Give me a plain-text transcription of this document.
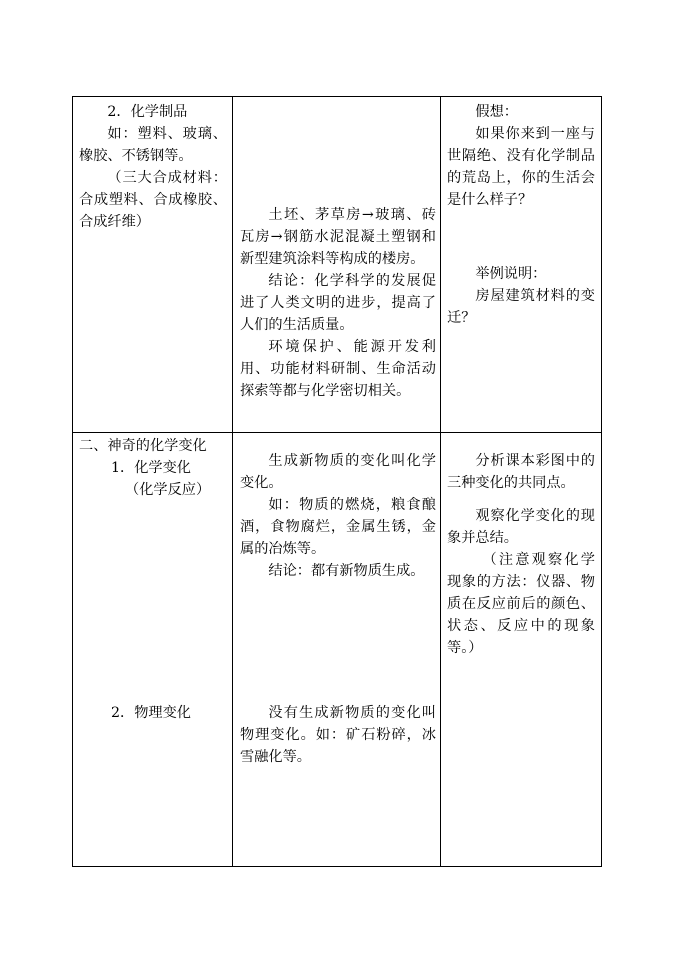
2．化学制品

如：塑料、玻璃、橡胶、不锈钢等。

（三大合成材料：合成塑料、合成橡胶、合成纤维）	土坯、茅草房→玻璃、砖瓦房→钢筋水泥混凝土塑钢和新型建筑涂料等构成的楼房。

结论：化学科学的发展促进了人类文明的进步，提高了人们的生活质量。

环境保护、能源开发利用、功能材料研制、生命活动探索等都与化学密切相关。

假想：

如果你来到一座与世隔绝、没有化学制品的荒岛上，你的生活会是什么样子？

举例说明：

房屋建筑材料的变迁？

二、神奇的化学变化

1．化学变化

（化学反应）

2．物理变化

生成新物质的变化叫化学变化。

如：物质的燃烧，粮食酿酒，食物腐烂，金属生锈，金属的冶炼等。

结论：都有新物质生成。

没有生成新物质的变化叫物理变化。如：矿石粉碎，冰雪融化等。

分析课本彩图中的三种变化的共同点。

观察化学变化的现象并总结。

（注意观察化学现象的方法：仪器、物质在反应前后的颜色、状态、反应中的现象等。）
